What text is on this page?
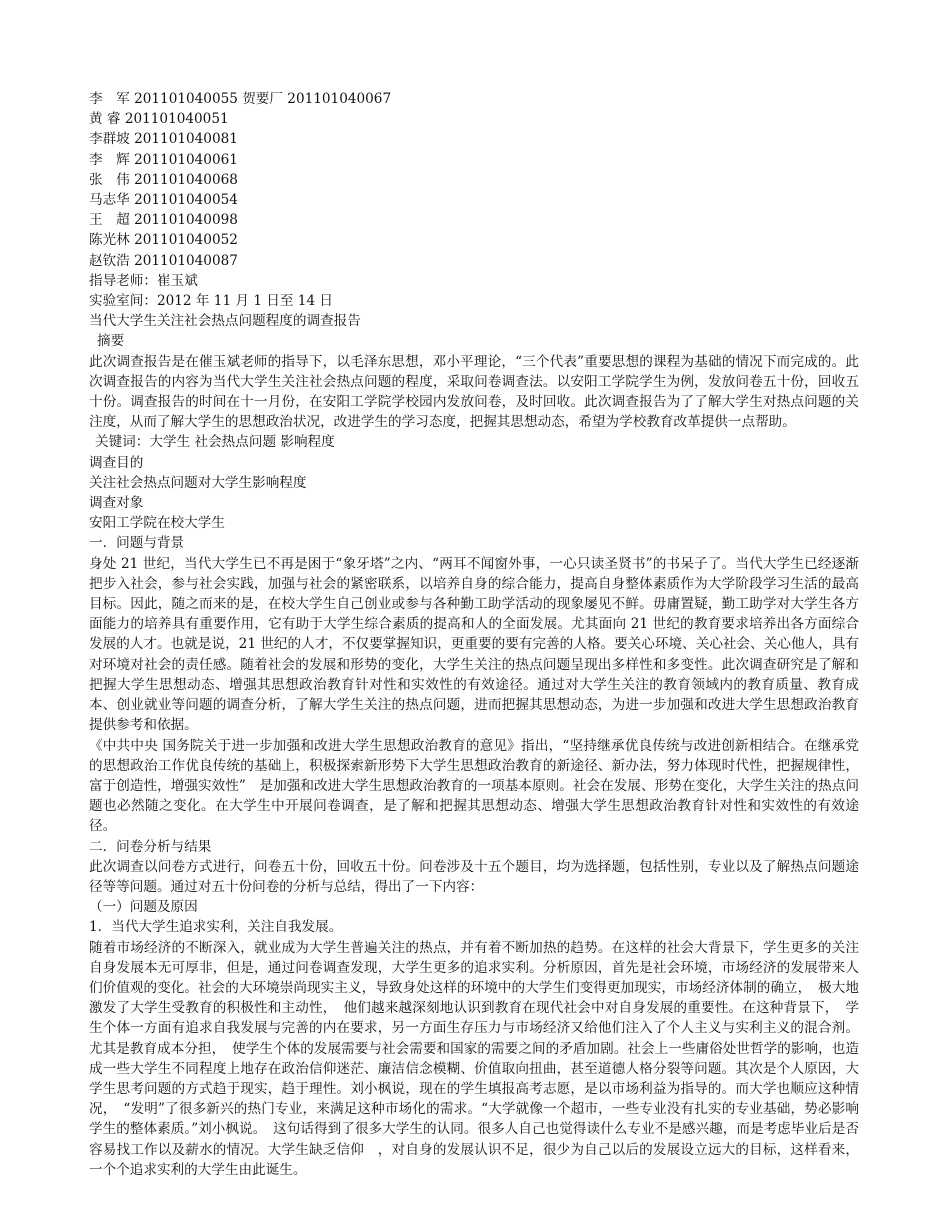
李　军 201101040055 贺要厂 201101040067
黄 睿 201101040051
李群坡 201101040081
李　辉 201101040061
张　伟 201101040068
马志华 201101040054
王　超 201101040098
陈光林 201101040052
赵钦浩 201101040087
指导老师：崔玉斌
实验室间：2012 年 11 月 1 日至 14 日
当代大学生关注社会热点问题程度的调查报告
摘要
此次调查报告是在催玉斌老师的指导下，以毛泽东思想，邓小平理论，“三个代表”重要思想的课程为基础的情况下而完成的。此次调查报告的内容为当代大学生关注社会热点问题的程度，采取问卷调查法。以安阳工学院学生为例，发放问卷五十份，回收五十份。调查报告的时间在十一月份，在安阳工学院学校园内发放问卷，及时回收。此次调查报告为了了解大学生对热点问题的关注度，从而了解大学生的思想政治状况，改进学生的学习态度，把握其思想动态，希望为学校教育改革提供一点帮助。
关键词：大学生 社会热点问题 影响程度
调查目的
关注社会热点问题对大学生影响程度
调查对象
安阳工学院在校大学生
一．问题与背景
身处 21 世纪，当代大学生已不再是困于“象牙塔”之内、“两耳不闻窗外事，一心只读圣贤书”的书呆子了。当代大学生已经逐渐把步入社会，参与社会实践，加强与社会的紧密联系，以培养自身的综合能力，提高自身整体素质作为大学阶段学习生活的最高目标。因此，随之而来的是，在校大学生自己创业或参与各种勤工助学活动的现象屡见不鲜。毋庸置疑，勤工助学对大学生各方面能力的培养具有重要作用，它有助于大学生综合素质的提高和人的全面发展。尤其面向 21 世纪的教育要求培养出各方面综合发展的人才。也就是说，21 世纪的人才，不仅要掌握知识，更重要的要有完善的人格。要关心环境、关心社会、关心他人，具有对环境对社会的责任感。随着社会的发展和形势的变化，大学生关注的热点问题呈现出多样性和多变性。此次调查研究是了解和把握大学生思想动态、增强其思想政治教育针对性和实效性的有效途径。通过对大学生关注的教育领域内的教育质量、教育成本、创业就业等问题的调查分析，了解大学生关注的热点问题，进而把握其思想动态，为进一步加强和改进大学生思想政治教育提供参考和依据。
《中共中央 国务院关于进一步加强和改进大学生思想政治教育的意见》指出，“坚持继承优良传统与改进创新相结合。在继承党的思想政治工作优良传统的基础上，积极探索新形势下大学生思想政治教育的新途径、新办法，努力体现时代性，把握规律性，富于创造性，增强实效性”　是加强和改进大学生思想政治教育的一项基本原则。社会在发展、形势在变化，大学生关注的热点问题也必然随之变化。在大学生中开展问卷调查，是了解和把握其思想动态、增强大学生思想政治教育针对性和实效性的有效途径。
二．问卷分析与结果
此次调查以问卷方式进行，问卷五十份，回收五十份。问卷涉及十五个题目，均为选择题，包括性别，专业以及了解热点问题途径等等问题。通过对五十份问卷的分析与总结，得出了一下内容：
（一）问题及原因
1．当代大学生追求实利，关注自我发展。
随着市场经济的不断深入，就业成为大学生普遍关注的热点，并有着不断加热的趋势。在这样的社会大背景下，学生更多的关注自身发展本无可厚非，但是，通过问卷调查发现，大学生更多的追求实利。分析原因，首先是社会环境，市场经济的发展带来人们价值观的变化。社会的大环境崇尚现实主义，导致身处这样的环境中的大学生们变得更加现实，市场经济体制的确立，　极大地激发了大学生受教育的积极性和主动性，　他们越来越深刻地认识到教育在现代社会中对自身发展的重要性。在这种背景下，　学生个体一方面有追求自我发展与完善的内在要求，另一方面生存压力与市场经济又给他们注入了个人主义与实利主义的混合剂。尤其是教育成本分担，　使学生个体的发展需要与社会需要和国家的需要之间的矛盾加剧。社会上一些庸俗处世哲学的影响，也造成一些大学生不同程度上地存在政治信仰迷茫、廉洁信念模糊、价值取向扭曲，甚至道德人格分裂等问题。其次是个人原因，大学生思考问题的方式趋于现实，趋于理性。刘小枫说，现在的学生填报高考志愿，是以市场利益为指导的。而大学也顺应这种情况，　“发明”了很多新兴的热门专业，来满足这种市场化的需求。“大学就像一个超市，一些专业没有扎实的专业基础，势必影响学生的整体素质。”刘小枫说。　这句话得到了很多大学生的认同。很多人自己也觉得读什么专业不是感兴趣，而是考虑毕业后是否容易找工作以及薪水的情况。大学生缺乏信仰　，对自身的发展认识不足，很少为自己以后的发展设立远大的目标，这样看来，一个个追求实利的大学生由此诞生。
